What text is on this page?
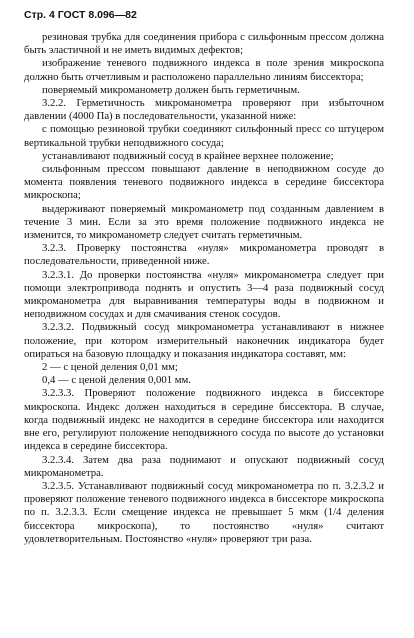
Стр. 4 ГОСТ 8.096—82

резиновая трубка для соединения прибора с сильфонным прессом должна быть эластичной и не иметь видимых дефектов;

изображение теневого подвижного индекса в поле зрения микроскопа должно быть отчетливым и расположено параллельно линиям биссектора;

поверяемый микроманометр должен быть герметичным.

3.2.2. Герметичность микроманометра проверяют при избыточном давлении (4000 Па) в последовательности, указанной ниже:

с помощью резиновой трубки соединяют сильфонный пресс со штуцером вертикальной трубки неподвижного сосуда;

устанавливают подвижный сосуд в крайнее верхнее положение;

сильфонным прессом повышают давление в неподвижном сосуде до момента появления теневого подвижного индекса в середине биссектора микроскопа;

выдерживают поверяемый микроманометр под созданным давлением в течение 3 мин. Если за это время положение подвижного индекса не изменится, то микроманометр следует считать герметичным.

3.2.3. Проверку постоянства «нуля» микроманометра проводят в последовательности, приведенной ниже.

3.2.3.1. До проверки постоянства «нуля» микроманометра следует при помощи электропривода поднять и опустить 3—4 раза подвижный сосуд микроманометра для выравнивания температуры воды в подвижном и неподвижном сосудах и для смачивания стенок сосудов.

3.2.3.2. Подвижный сосуд микроманометра устанавливают в нижнее положение, при котором измерительный наконечник индикатора будет опираться на базовую площадку и показания индикатора составят, мм:

2 — с ценой деления 0,01 мм;

0,4 — с ценой деления 0,001 мм.

3.2.3.3. Проверяют положение подвижного индекса в биссектоpe микроскопа. Индекс должен находиться в середине биссектора. В случае, когда подвижный индекс не находится в середине биссектора или находится вне его, регулируют положение неподвижного сосуда по высоте до установки индекса в середине биссектора.

3.2.3.4. Затем два раза поднимают и опускают подвижный сосуд микроманометра.

3.2.3.5. Устанавливают подвижный сосуд микроманометра по п. 3.2.3.2 и проверяют положение теневого подвижного индекса в биссекторе микроскопа по п. 3.2.3.3. Если смещение индекса не превышает 5 мкм (1/4 деления биссектора микроскопа), то постоянство «нуля» считают удовлетворительным. Постоянство «нуля» проверяют три раза.
